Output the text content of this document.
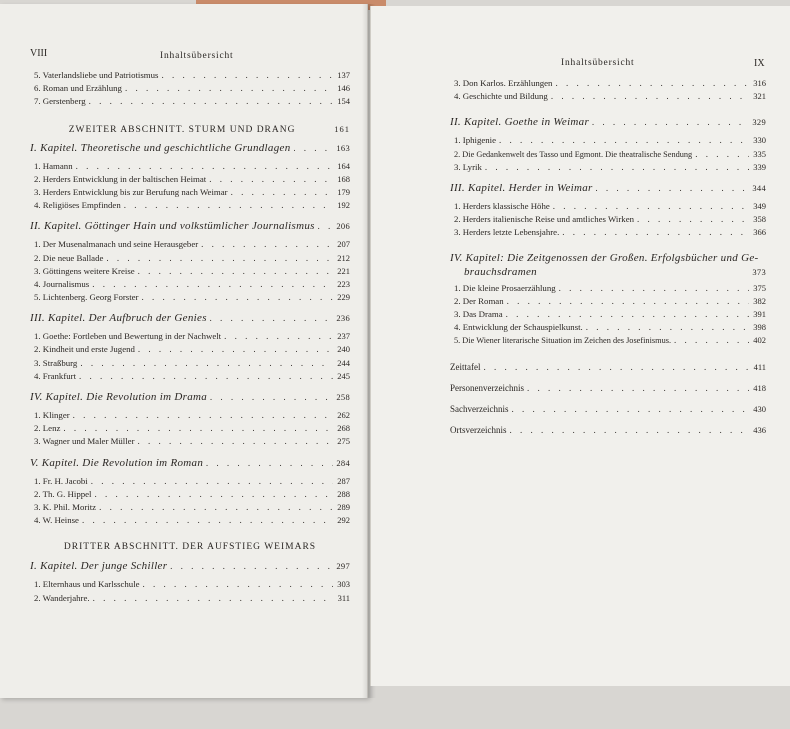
VIII	Inhaltsübersicht
Inhaltsübersicht	IX
5. Vaterlandsliebe und Patriotismus . . .	137
6. Roman und Erzählung . . .	146
7. Gerstenberg . . .	154
ZWEITER ABSCHNITT. STURM UND DRANG	161
I. Kapitel. Theoretische und geschichtliche Grundlagen . . .	163
1. Hamann . . .	164
2. Herders Entwicklung in der baltischen Heimat . . .	168
3. Herders Entwicklung bis zur Berufung nach Weimar . . .	179
4. Religiöses Empfinden . . .	192
II. Kapitel. Göttinger Hain und volkstümlicher Journalismus . . .	206
1. Der Musenalmanach und seine Herausgeber . . .	207
2. Die neue Ballade . . .	212
3. Göttingens weitere Kreise . . .	221
4. Journalismus . . .	223
5. Lichtenberg. Georg Forster . . .	229
III. Kapitel. Der Aufbruch der Genies . . .	236
1. Goethe: Fortleben und Bewertung in der Nachwelt . . .	237
2. Kindheit und erste Jugend . . .	240
3. Straßburg . . .	244
4. Frankfurt . . .	245
IV. Kapitel. Die Revolution im Drama . . .	258
1. Klinger . . .	262
2. Lenz . . .	268
3. Wagner und Maler Müller . . .	275
V. Kapitel. Die Revolution im Roman . . .	284
1. Fr. H. Jacobi . . .	287
2. Th. G. Hippel . . .	288
3. K. Phil. Moritz . . .	289
4. W. Heinse . . .	292
DRITTER ABSCHNITT. DER AUFSTIEG WEIMARS
I. Kapitel. Der junge Schiller . . .	297
1. Elternhaus und Karlsschule . . .	303
2. Wanderjahre. . . .	311
3. Don Karlos. Erzählungen . . .	316
4. Geschichte und Bildung . . .	321
II. Kapitel. Goethe in Weimar . . .	329
1. Iphigenie . . .	330
2. Die Gedankenwelt des Tasso und Egmont. Die theatralische Sendung . . .	335
3. Lyrik . . .	339
III. Kapitel. Herder in Weimar . . .	344
1. Herders klassische Höhe . . .	349
2. Herders italienische Reise und amtliches Wirken . . .	358
3. Herders letzte Lebensjahre. . . .	366
IV. Kapitel: Die Zeitgenossen der Großen. Erfolgsbücher und Ge-
brauchsdramen	373
1. Die kleine Prosaerzählung . . .	375
2. Der Roman . . .	382
3. Das Drama . . .	391
4. Entwicklung der Schauspielkunst. . . .	398
5. Die Wiener literarische Situation im Zeichen des Josefinismus. . . .	402
Zeittafel . . .	411
Personenverzeichnis . . .	418
Sachverzeichnis . . .	430
Ortsverzeichnis . . .	436
